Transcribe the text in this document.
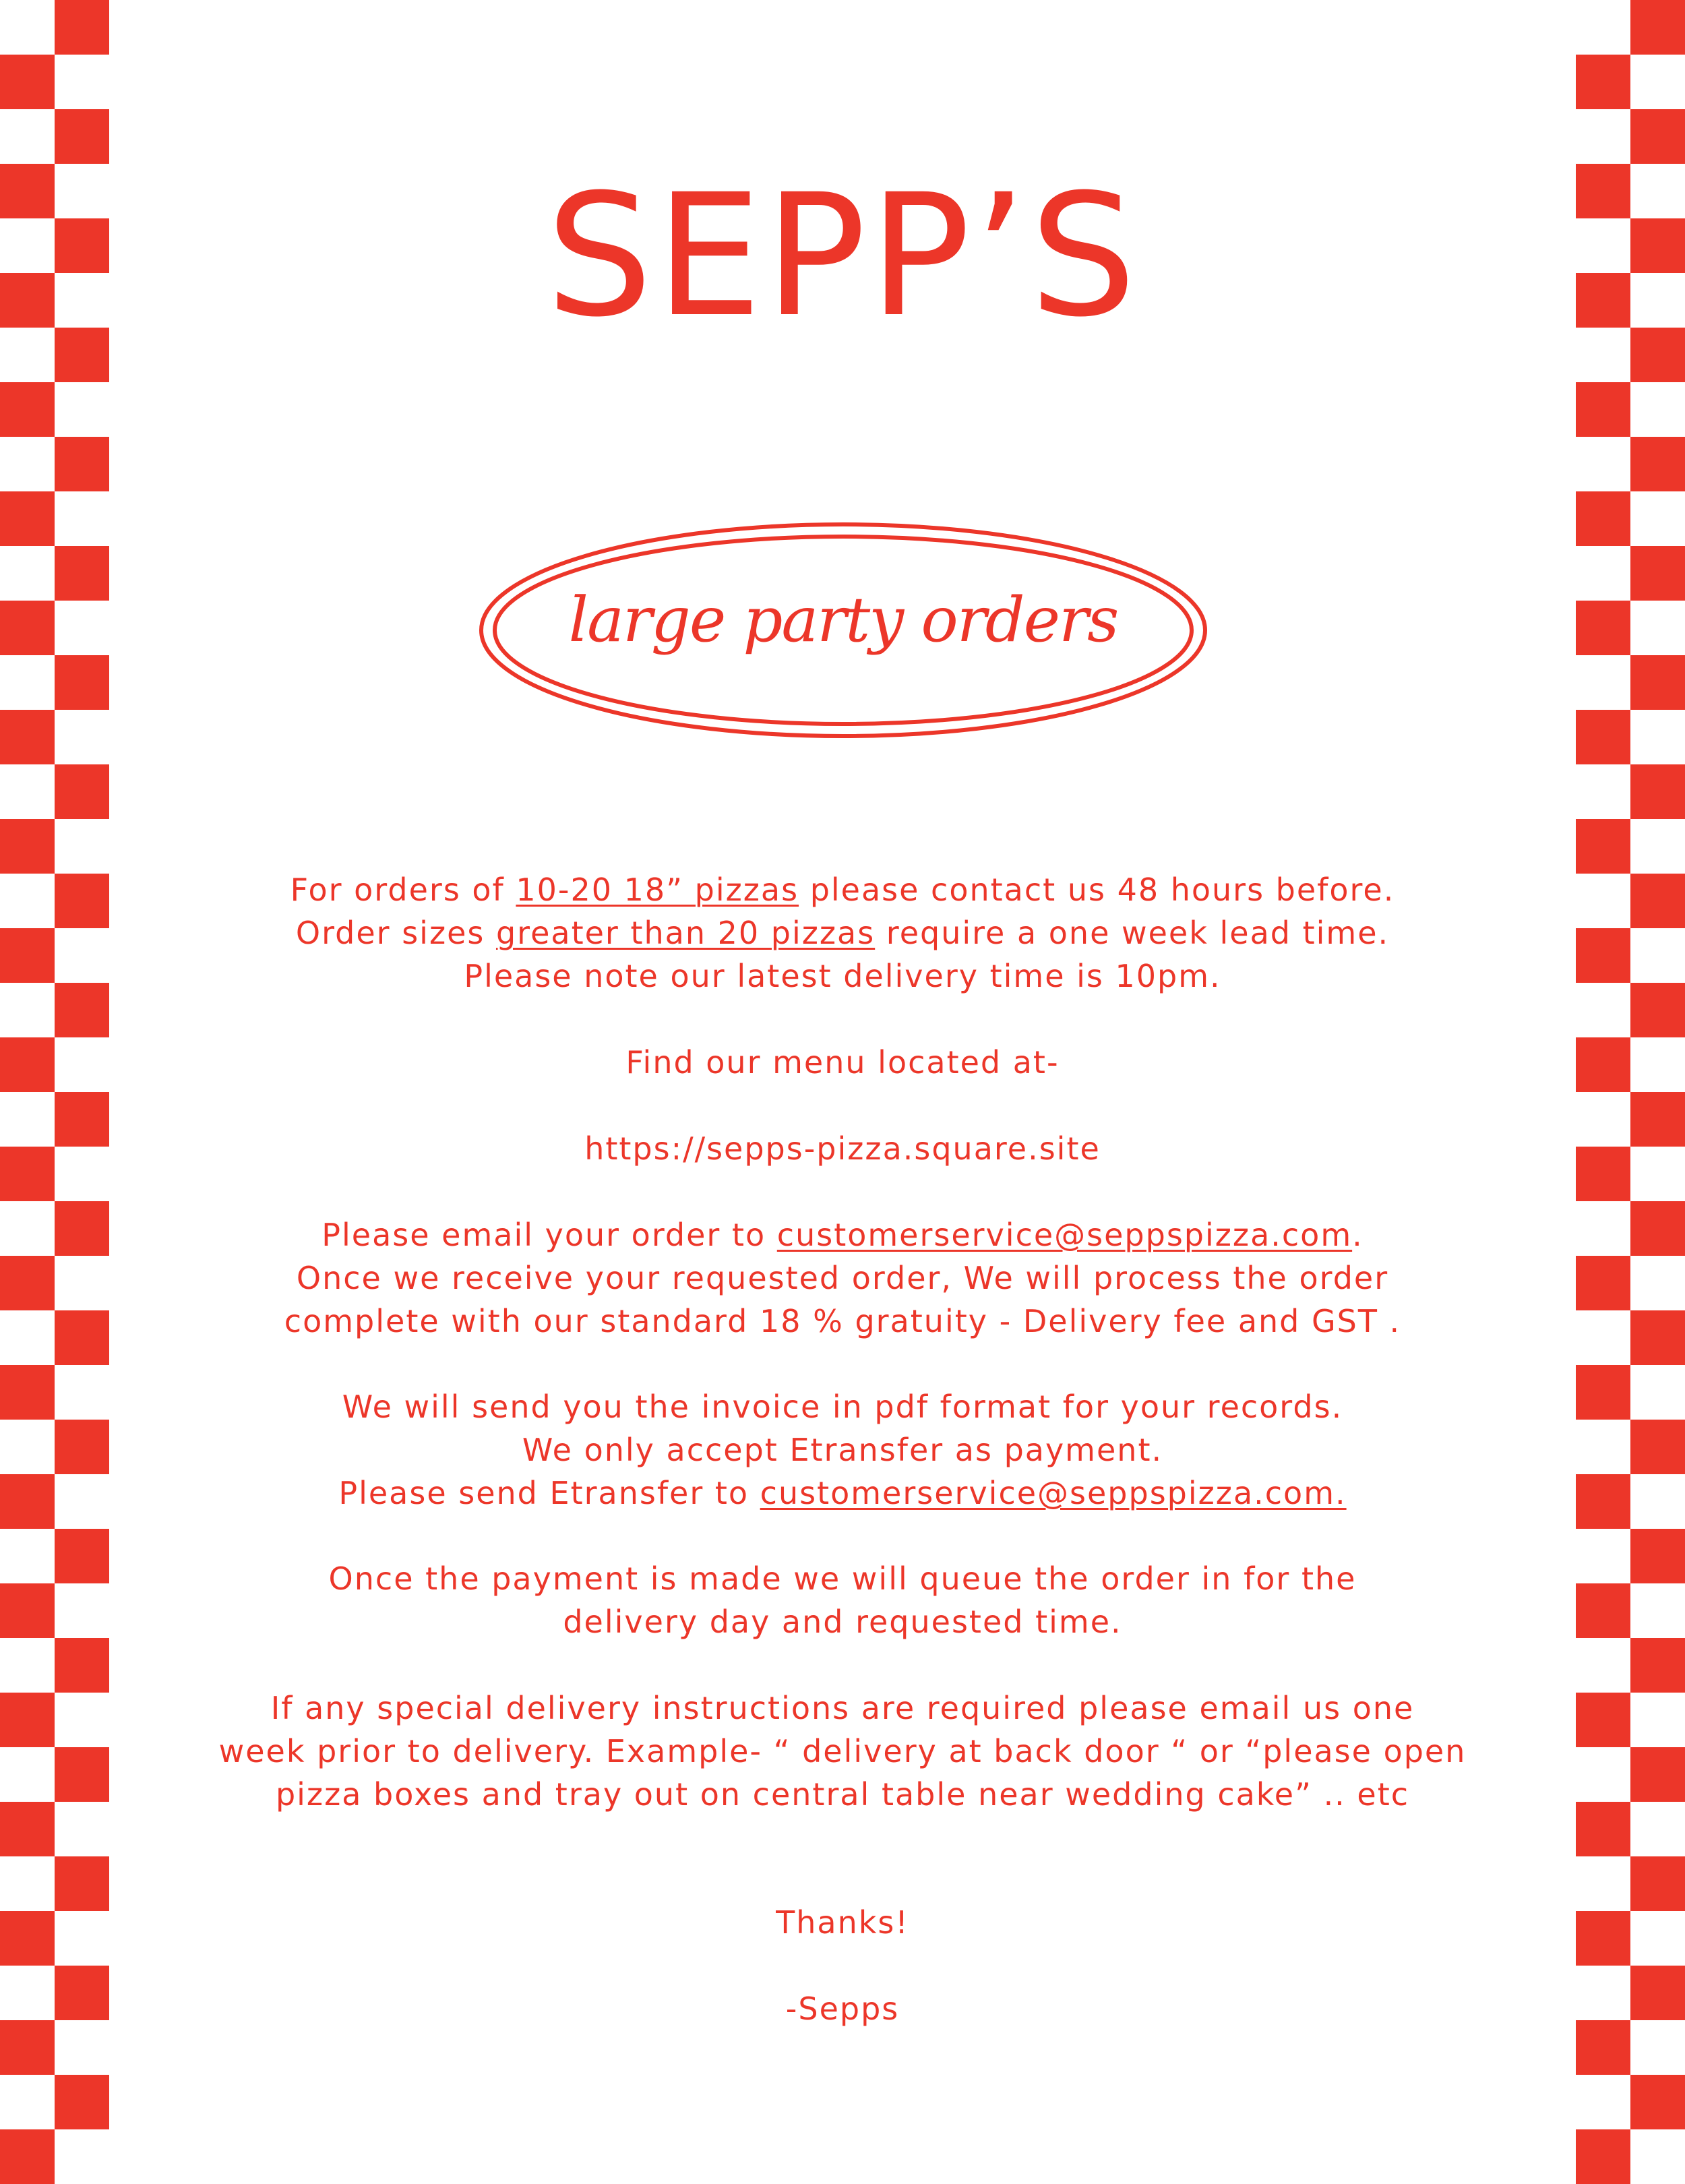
SEPP’S
large party orders
For orders of 10-20 18” pizzas please contact us 48 hours before.
Order sizes greater than 20 pizzas require a one week lead time.
Please note our latest delivery time is 10pm.
Find our menu located at-
https://sepps-pizza.square.site
Please email your order to customerservice@seppspizza.com.
Once we receive your requested order, We will process the order
complete with our standard 18 % gratuity - Delivery fee and GST .
We will send you the invoice in pdf format for your records.
We only accept Etransfer as payment.
Please send Etransfer to customerservice@seppspizza.com.
Once the payment is made we will queue the order in for the
delivery day and requested time.
If any special delivery instructions are required please email us one
week prior to delivery. Example- “ delivery at back door “ or “please open
pizza boxes and tray out on central table near wedding cake” .. etc
Thanks!
-Sepps
